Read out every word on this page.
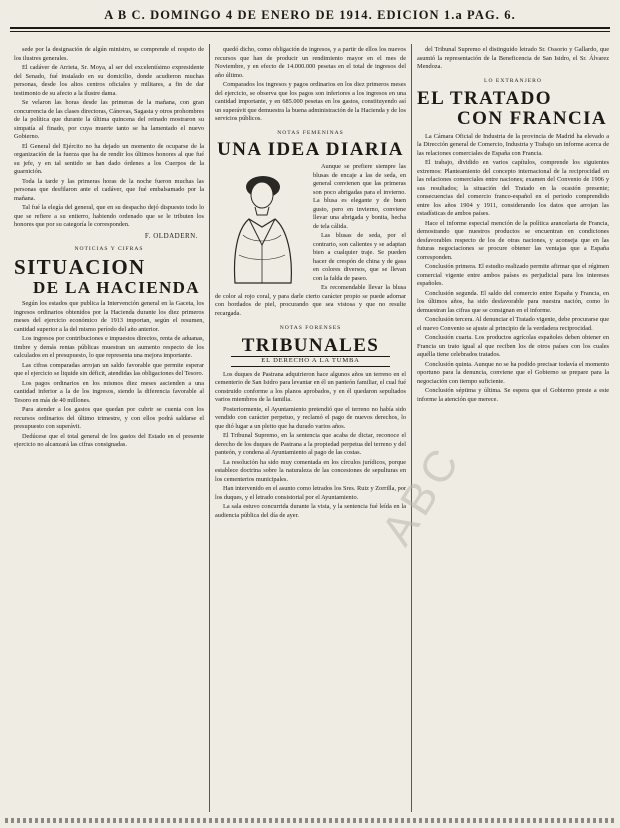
A B C. DOMINGO 4 DE ENERO DE 1914. EDICION 1.a PAG. 6.

sede por la designación de algún ministro, se comprende el respeto de los ilustres generales.

El cadáver de Arrieta, Sr. Moya, al ser del excelentísimo expresidente del Senado, fué instalado en su domicilio, donde acudieron muchas personas, desde los altos centros oficiales y militares, a fin de dar testimonio de su afecto a la ilustre dama.

Se velaron las horas desde las primeras de la mañana, con gran concurrencia de las clases directoras, Cánovas, Sagasta y otros prohombres de la política que durante la última quincena del reinado mostraron su simpatía al finado, por cuya muerte tanto se ha lamentado el nuevo Gobierno.

El General del Ejército no ha dejado un momento de ocuparse de la organización de la fuerza que ha de rendir los últimos honores al que fué su jefe, y en tal sentido se han dado órdenes a los Cuerpos de la guarnición.

Toda la tarde y las primeras horas de la noche fueron muchas las personas que desfilaron ante el cadáver, que fué embalsamado por la mañana.

Tal fué la elegía del general, que en su despacho dejó dispuesto todo lo que se refiere a su entierro, habiendo ordenado que se le tributen los honores que por su categoría le corresponden.

F. OLDADERN.
NOTICIAS Y CIFRAS
SITUACION
DE LA HACIENDA

Según los estados que publica la Intervención general en la Gaceta, los ingresos ordinarios obtenidos por la Hacienda durante los diez primeros meses del ejercicio económico de 1913 importan, según el resumen, cantidad superior a la del mismo período del año anterior.

Los ingresos por contribuciones e impuestos directos, renta de aduanas, timbre y demás rentas públicas muestran un aumento respecto de los calculados en el presupuesto, lo que representa una mejora importante.

Las cifras comparadas arrojan un saldo favorable que permite esperar que el ejercicio se liquide sin déficit, atendidas las obligaciones del Tesoro.

Los pagos ordinarios en los mismos diez meses ascienden a una cantidad inferior a la de los ingresos, siendo la diferencia favorable al Tesoro en más de 40 millones.

Para atender a los gastos que quedan por cubrir se cuenta con los recursos ordinarios del último trimestre, y con ellos podrá saldarse el presupuesto con superávit.

Dedúcese que el total general de los gastos del Estado en el presente ejercicio no alcanzará las cifras consignadas.

quedó dicho, como obligación de ingresos, y a partir de ellos los nuevos recursos que han de producir un rendimiento mayor en el mes de Noviembre, y en efecto de 14.000.000 pesetas en el total de ingresos del año último.

Comparados los ingresos y pagos ordinarios en los diez primeros meses del ejercicio, se observa que los pagos son inferiores a los ingresos en una cantidad importante, y en 685.000 pesetas en los gastos, constituyendo así un superávit que demuestra la buena administración de la Hacienda y de los servicios públicos.

NOTAS FEMENINAS
UNA IDEA DIARIA

Aunque se prefiere siempre las blusas de encaje a las de seda, en general convienen que las primeras son poco abrigadas para el invierno. La blusa es elegante y de buen gusto, pero en invierno, conviene llevar una abrigada y bonita, hecha de tela cálida.

Las blusas de seda, por el contrario, son calientes y se adaptan bien a cualquier traje. Se pueden hacer de crespón de china y de gasa en colores diversos, que se llevan con la falda de paseo.

Es recomendable llevar la blusa de color al rojo coral, y para darle cierto carácter propio se puede adornar con bordados de piel, procurando que sea vistosa y que no resulte recargada.

NOTAS FORENSES
TRIBUNALES
EL DERECHO A LA TUMBA

Los duques de Pastrana adquirieron hace algunos años un terreno en el cementerio de San Isidro para levantar en él un panteón familiar, el cual fué construido conforme a los planos aprobados, y en él quedaron sepultados varios miembros de la familia.

Posteriormente, el Ayuntamiento pretendió que el terreno no había sido vendido con carácter perpetuo, y reclamó el pago de nuevos derechos, lo que dió lugar a un pleito que ha durado varios años.

El Tribunal Supremo, en la sentencia que acaba de dictar, reconoce el derecho de los duques de Pastrana a la propiedad perpetua del terreno y del panteón, y condena al Ayuntamiento al pago de las costas.

La resolución ha sido muy comentada en los círculos jurídicos, porque establece doctrina sobre la naturaleza de las concesiones de sepulturas en los cementerios municipales.

Han intervenido en el asunto como letrados los Sres. Ruiz y Zorrilla, por los duques, y el letrado consistorial por el Ayuntamiento.

La sala estuvo concurrida durante la vista, y la sentencia fué leída en la audiencia pública del día de ayer.

del Tribunal Supremo el distinguido letrado Sr. Ossorio y Gallardo, que asumió la representación de la Beneficencia de San Isidro, el Sr. Álvarez Mendoza.

LO EXTRANJERO
EL TRATADO
CON FRANCIA

La Cámara Oficial de Industria de la provincia de Madrid ha elevado a la Dirección general de Comercio, Industria y Trabajo un informe acerca de las relaciones comerciales de España con Francia.

El trabajo, dividido en varios capítulos, comprende los siguientes extremos: Planteamiento del concepto internacional de la reciprocidad en las relaciones comerciales entre naciones; examen del Convenio de 1906 y sus resultados; la situación del Tratado en la ocasión presente; consecuencias del comercio franco-español en el periodo comprendido entre los años 1904 y 1911, considerando los datos que arrojan las estadísticas de ambos países.

Hace el informe especial mención de la política arancelaria de Francia, demostrando que nuestros productos se encuentran en condiciones desfavorables respecto de los de otras naciones, y aconseja que en las futuras negociaciones se procure obtener las ventajas que a España corresponden.

Conclusión primera. El estudio realizado permite afirmar que el régimen comercial vigente entre ambos países es perjudicial para los intereses españoles.

Conclusión segunda. El saldo del comercio entre España y Francia, en los últimos años, ha sido desfavorable para nuestra nación, como lo demuestran las cifras que se consignan en el informe.

Conclusión tercera. Al denunciar el Tratado vigente, debe procurarse que el nuevo Convenio se ajuste al principio de la verdadera reciprocidad.

Conclusión cuarta. Los productos agrícolas españoles deben obtener en Francia un trato igual al que reciben los de otros países con los cuales aquélla tiene celebrados tratados.

Conclusión quinta. Aunque no se ha podido precisar todavía el momento oportuno para la denuncia, conviene que el Gobierno se prepare para la negociación con tiempo suficiente.

Conclusión séptima y última. Se espera que el Gobierno preste a este informe la atención que merece.

ABC
